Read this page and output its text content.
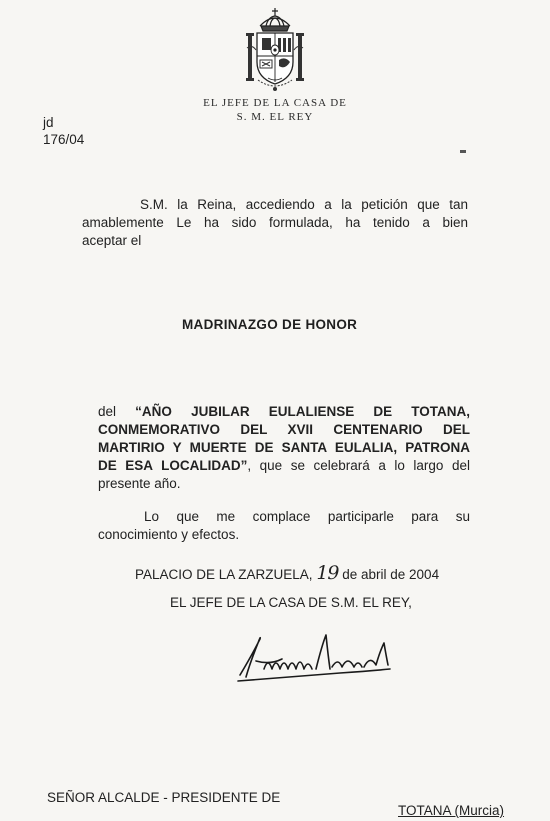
EL JEFE DE LA CASA DE
S. M. EL REY
jd
176/04
S.M. la Reina, accediendo a la petición que tan
amablemente Le ha sido formulada, ha tenido a bien
aceptar el
MADRINAZGO DE HONOR
del “AÑO JUBILAR EULALIENSE DE TOTANA,
CONMEMORATIVO DEL XVII CENTENARIO DEL
MARTIRIO Y MUERTE DE SANTA EULALIA, PATRONA
DE ESA LOCALIDAD”, que se celebrará a lo largo del
presente año.
Lo que me complace participarle para su
conocimiento y efectos.
PALACIO DE LA ZARZUELA, 19 de abril de 2004
EL JEFE DE LA CASA DE S.M. EL REY,
SEÑOR ALCALDE - PRESIDENTE DE
TOTANA (Murcia)
